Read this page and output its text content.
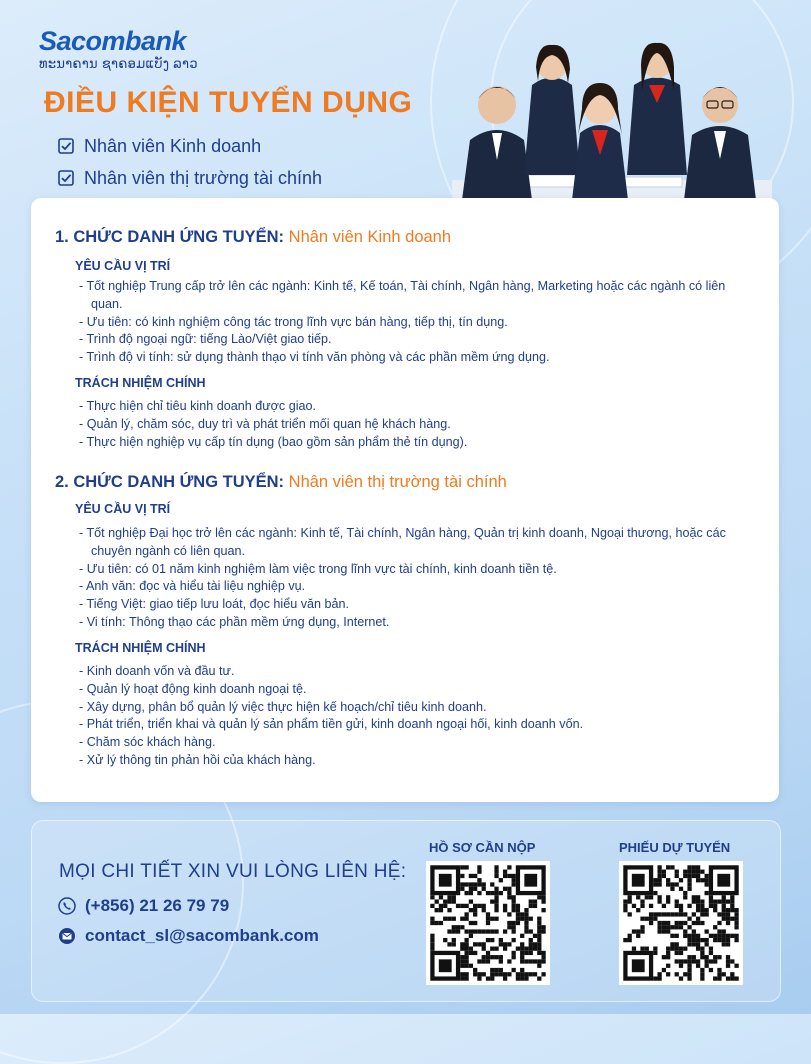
Sacombank
ທະນາຄານ ຊາຄອມແບັງ ລາວ
ĐIỀU KIỆN TUYỂN DỤNG
Nhân viên Kinh doanh
Nhân viên thị trường tài chính
1. CHỨC DANH ỨNG TUYỂN: Nhân viên Kinh doanh
YÊU CẦU VỊ TRÍ
- Tốt nghiệp Trung cấp trở lên các ngành: Kinh tế, Kế toán, Tài chính, Ngân hàng, Marketing hoặc các ngành có liên quan.
- Ưu tiên: có kinh nghiệm công tác trong lĩnh vực bán hàng, tiếp thị, tín dụng.
- Trình độ ngoại ngữ: tiếng Lào/Việt giao tiếp.
- Trình độ vi tính: sử dụng thành thạo vi tính văn phòng và các phần mềm ứng dụng.
TRÁCH NHIỆM CHÍNH
- Thực hiện chỉ tiêu kinh doanh được giao.
- Quản lý, chăm sóc, duy trì và phát triển mối quan hệ khách hàng.
- Thực hiện nghiệp vụ cấp tín dụng (bao gồm sản phẩm thẻ tín dụng).
2. CHỨC DANH ỨNG TUYỂN: Nhân viên thị trường tài chính
YÊU CẦU VỊ TRÍ
- Tốt nghiệp Đại học trở lên các ngành: Kinh tế, Tài chính, Ngân hàng, Quản trị kinh doanh, Ngoại thương, hoặc các chuyên ngành có liên quan.
- Ưu tiên: có 01 năm kinh nghiệm làm việc trong lĩnh vực tài chính, kinh doanh tiền tệ.
- Anh văn: đọc và hiểu tài liệu nghiệp vụ.
- Tiếng Việt: giao tiếp lưu loát, đọc hiểu văn bản.
- Vi tính: Thông thạo các phần mềm ứng dụng, Internet.
TRÁCH NHIỆM CHÍNH
- Kinh doanh vốn và đầu tư.
- Quản lý hoạt động kinh doanh ngoại tệ.
- Xây dựng, phân bổ quản lý việc thực hiện kế hoạch/chỉ tiêu kinh doanh.
- Phát triển, triển khai và quản lý sản phẩm tiền gửi, kinh doanh ngoại hối, kinh doanh vốn.
- Chăm sóc khách hàng.
- Xử lý thông tin phản hồi của khách hàng.
MỌI CHI TIẾT XIN VUI LÒNG LIÊN HỆ:
(+856) 21 26 79 79
contact_sl@sacombank.com
HỒ SƠ CẦN NỘP	PHIẾU DỰ TUYỂN
